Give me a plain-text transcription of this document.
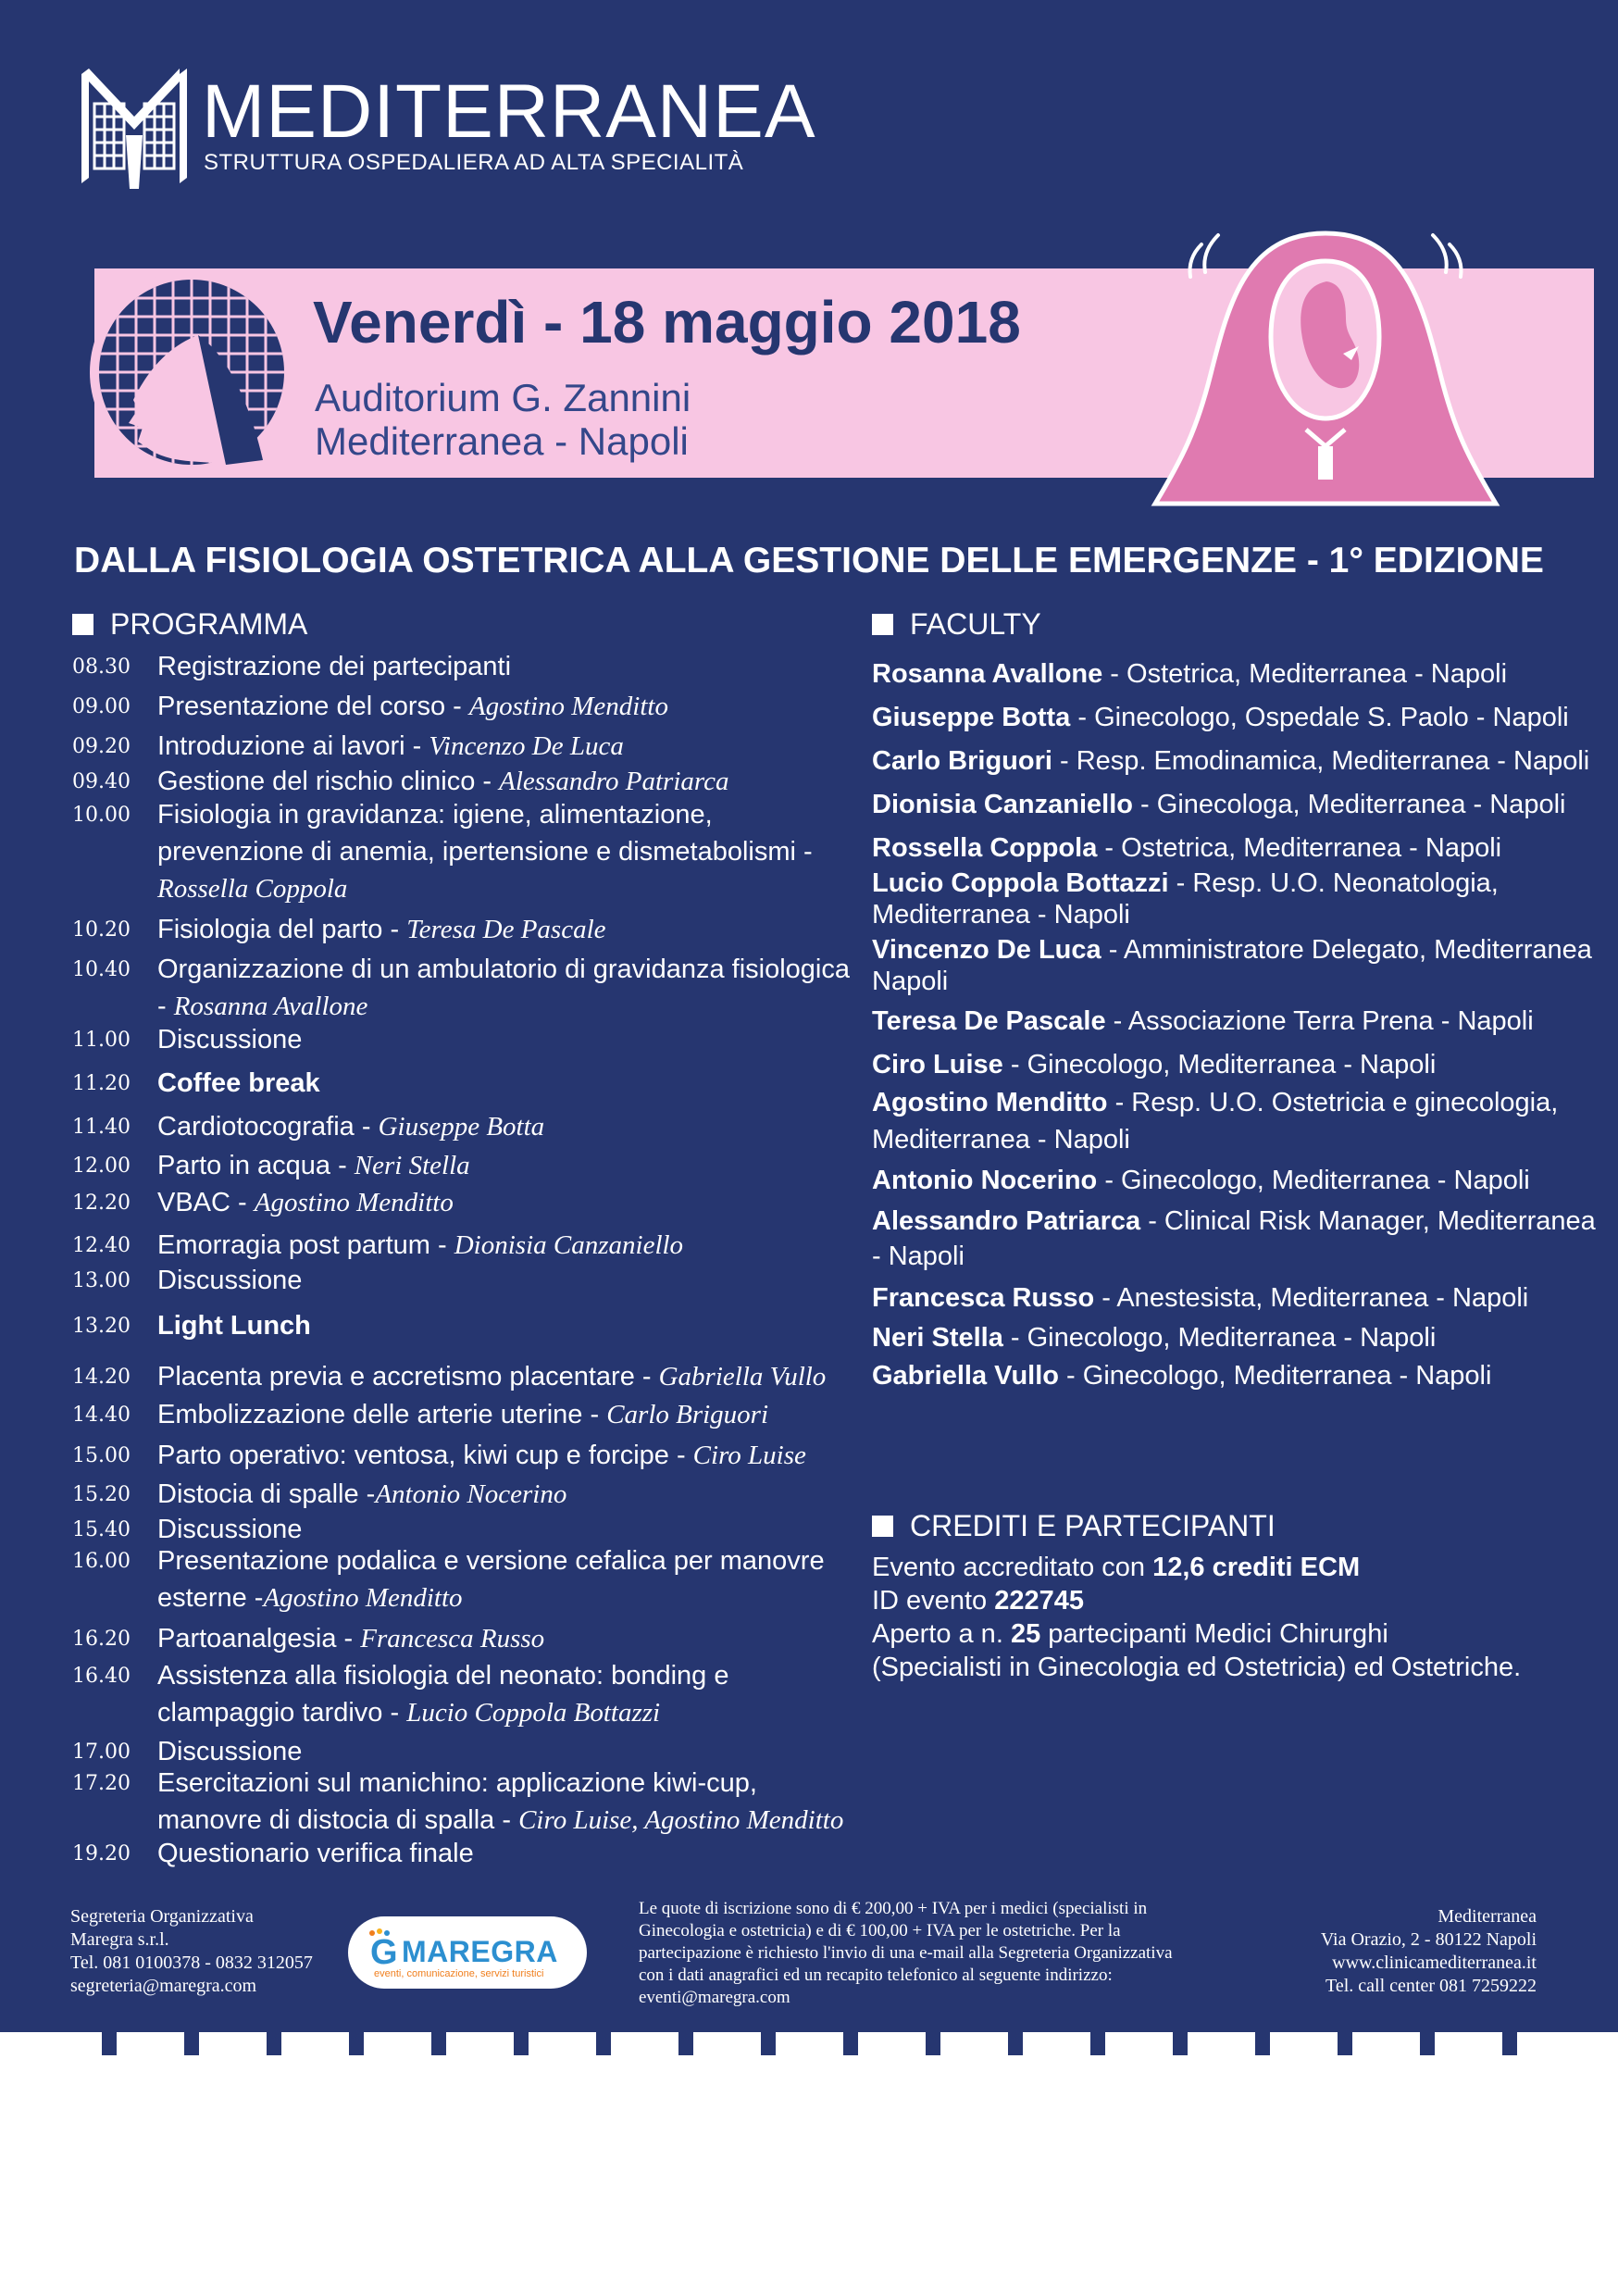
MEDITERRANEA
STRUTTURA OSPEDALIERA AD ALTA SPECIALITÀ
Venerdì - 18 maggio 2018
Auditorium G. Zannini
Mediterranea - Napoli
DALLA FISIOLOGIA OSTETRICA ALLA GESTIONE DELLE EMERGENZE - 1° EDIZIONE
PROGRAMMA
08.30	Registrazione dei partecipanti
09.00	Presentazione del corso - Agostino Menditto
09.20	Introduzione ai lavori - Vincenzo De Luca
09.40	Gestione del rischio clinico - Alessandro Patriarca
10.00	Fisiologia in gravidanza: igiene, alimentazione, prevenzione di anemia, ipertensione e dismetabolismi - Rossella Coppola
10.20	Fisiologia del parto - Teresa De Pascale
10.40	Organizzazione di un ambulatorio di gravidanza fisiologica - Rosanna Avallone
11.00	Discussione
11.20	Coffee break
11.40	Cardiotocografia - Giuseppe Botta
12.00	Parto in acqua - Neri Stella
12.20	VBAC - Agostino Menditto
12.40	Emorragia post partum - Dionisia Canzaniello
13.00	Discussione
13.20	Light Lunch
14.20	Placenta previa e accretismo placentare - Gabriella Vullo
14.40	Embolizzazione delle arterie uterine - Carlo Briguori
15.00	Parto operativo: ventosa, kiwi cup e forcipe - Ciro Luise
15.20	Distocia di spalle -Antonio Nocerino
15.40	Discussione
16.00	Presentazione podalica e versione cefalica per manovre esterne -Agostino Menditto
16.20	Partoanalgesia - Francesca Russo
16.40	Assistenza alla fisiologia del neonato: bonding e clampaggio tardivo - Lucio Coppola Bottazzi
17.00	Discussione
17.20	Esercitazioni sul manichino: applicazione kiwi-cup, manovre di distocia di spalla - Ciro Luise, Agostino Menditto
19.20	Questionario verifica finale
FACULTY

Rosanna Avallone - Ostetrica, Mediterranea - Napoli

Giuseppe Botta - Ginecologo, Ospedale S. Paolo - Napoli

Carlo Briguori - Resp. Emodinamica, Mediterranea - Napoli

Dionisia Canzaniello - Ginecologa, Mediterranea - Napoli

Rossella Coppola - Ostetrica, Mediterranea - Napoli

Lucio Coppola Bottazzi - Resp. U.O. Neonatologia, Mediterranea - Napoli

Vincenzo De Luca - Amministratore Delegato, Mediterranea Napoli

Teresa De Pascale - Associazione Terra Prena - Napoli

Ciro Luise - Ginecologo, Mediterranea - Napoli

Agostino Menditto - Resp. U.O. Ostetricia e ginecologia, Mediterranea - Napoli

Antonio Nocerino - Ginecologo, Mediterranea - Napoli

Alessandro Patriarca - Clinical Risk Manager, Mediterranea - Napoli

Francesca Russo - Anestesista, Mediterranea - Napoli

Neri Stella - Ginecologo, Mediterranea - Napoli

Gabriella Vullo - Ginecologo, Mediterranea - Napoli

CREDITI E PARTECIPANTI
Evento accreditato con 12,6 crediti ECM
ID evento 222745
Aperto a n. 25 partecipanti Medici Chirurghi
(Specialisti in Ginecologia ed Ostetricia) ed Ostetriche.
Segreteria Organizzativa
Maregra s.r.l.
Tel. 081 0100378 - 0832 312057
segreteria@maregra.com
G MAREGRA
eventi, comunicazione, servizi turistici
Le quote di iscrizione sono di € 200,00 + IVA per i medici (specialisti in Ginecologia e ostetricia) e di € 100,00 + IVA per le ostetriche. Per la partecipazione è richiesto l'invio di una e-mail alla Segreteria Organizzativa con i dati anagrafici ed un recapito telefonico al seguente indirizzo: eventi@maregra.com
Mediterranea
Via Orazio, 2 - 80122 Napoli
www.clinicamediterranea.it
Tel. call center 081 7259222
